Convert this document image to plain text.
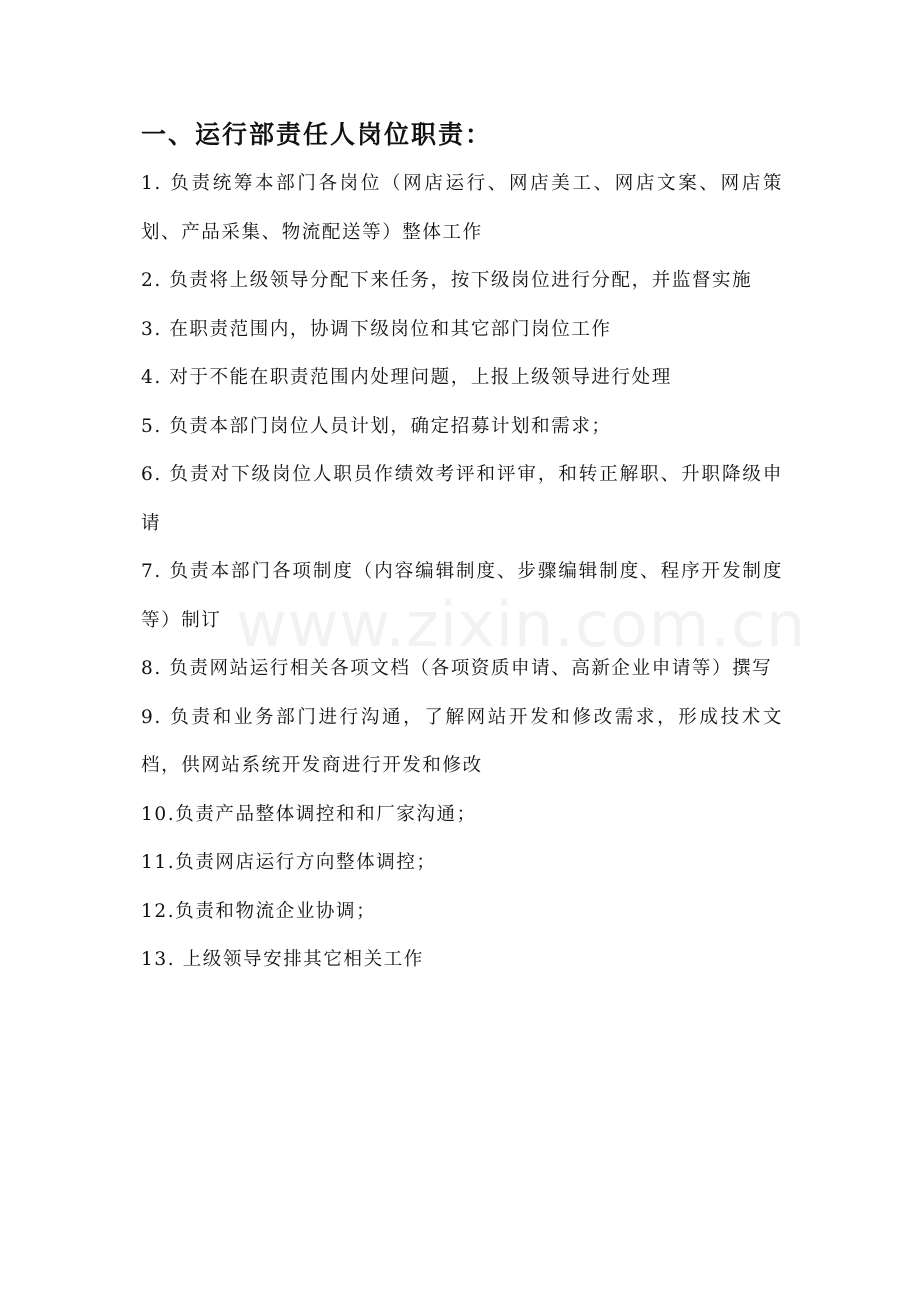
一、运行部责任人岗位职责：
1. 负责统筹本部门各岗位（网店运行、网店美工、网店文案、网店策划、产品采集、物流配送等）整体工作
2. 负责将上级领导分配下来任务，按下级岗位进行分配，并监督实施
3. 在职责范围内，协调下级岗位和其它部门岗位工作
4. 对于不能在职责范围内处理问题，上报上级领导进行处理
5. 负责本部门岗位人员计划，确定招募计划和需求；
6. 负责对下级岗位人职员作绩效考评和评审，和转正解职、升职降级申请
7. 负责本部门各项制度（内容编辑制度、步骤编辑制度、程序开发制度等）制订
8. 负责网站运行相关各项文档（各项资质申请、高新企业申请等）撰写
9. 负责和业务部门进行沟通，了解网站开发和修改需求，形成技术文档，供网站系统开发商进行开发和修改
10.负责产品整体调控和和厂家沟通；
11.负责网店运行方向整体调控；
12.负责和物流企业协调；
13. 上级领导安排其它相关工作
www.zixin.com.cn
